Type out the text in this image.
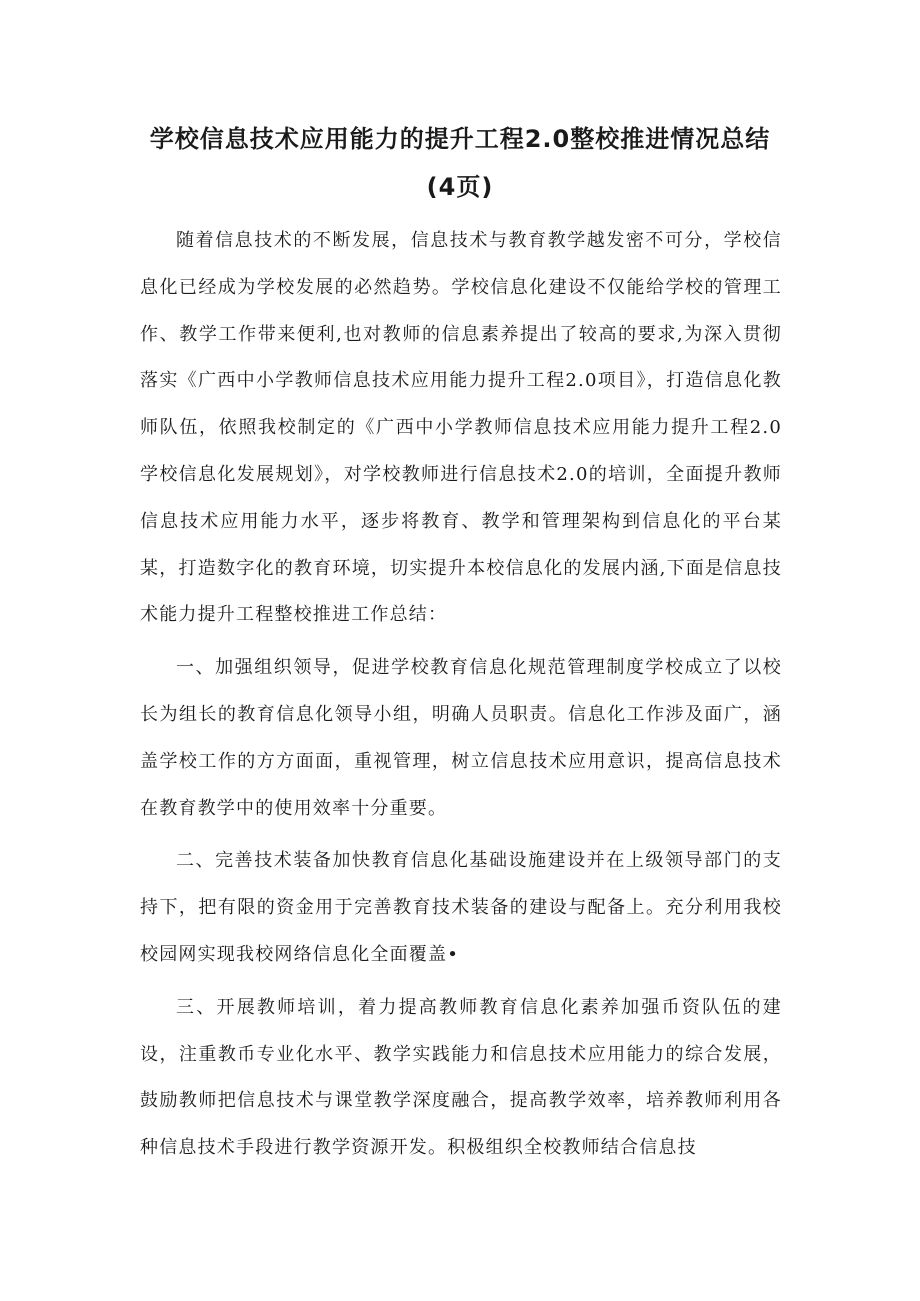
学校信息技术应用能力的提升工程2.0整校推进情况总结
(4页)

随着信息技术的不断发展，信息技术与教育教学越发密不可分，学校信息化已经成为学校发展的必然趋势。学校信息化建设不仅能给学校的管理工作、教学工作带来便利,也对教师的信息素养提出了较高的要求,为深入贯彻落实《广西中小学教师信息技术应用能力提升工程2.0项目》，打造信息化教师队伍，依照我校制定的《广西中小学教师信息技术应用能力提升工程2.0学校信息化发展规划》，对学校教师进行信息技术2.0的培训，全面提升教师信息技术应用能力水平，逐步将教育、教学和管理架构到信息化的平台某某，打造数字化的教育环境，切实提升本校信息化的发展内涵,下面是信息技术能力提升工程整校推进工作总结：

一、加强组织领导，促进学校教育信息化规范管理制度学校成立了以校长为组长的教育信息化领导小组，明确人员职责。信息化工作涉及面广，涵盖学校工作的方方面面，重视管理，树立信息技术应用意识，提高信息技术在教育教学中的使用效率十分重要。

二、完善技术装备加快教育信息化基础设施建设并在上级领导部门的支持下，把有限的资金用于完善教育技术装备的建设与配备上。充分利用我校校园网实现我校网络信息化全面覆盖•

三、开展教师培训，着力提高教师教育信息化素养加强币资队伍的建设，注重教币专业化水平、教学实践能力和信息技术应用能力的综合发展，鼓励教师把信息技术与课堂教学深度融合，提高教学效率，培养教师利用各种信息技术手段进行教学资源开发。积极组织全校教师结合信息技
